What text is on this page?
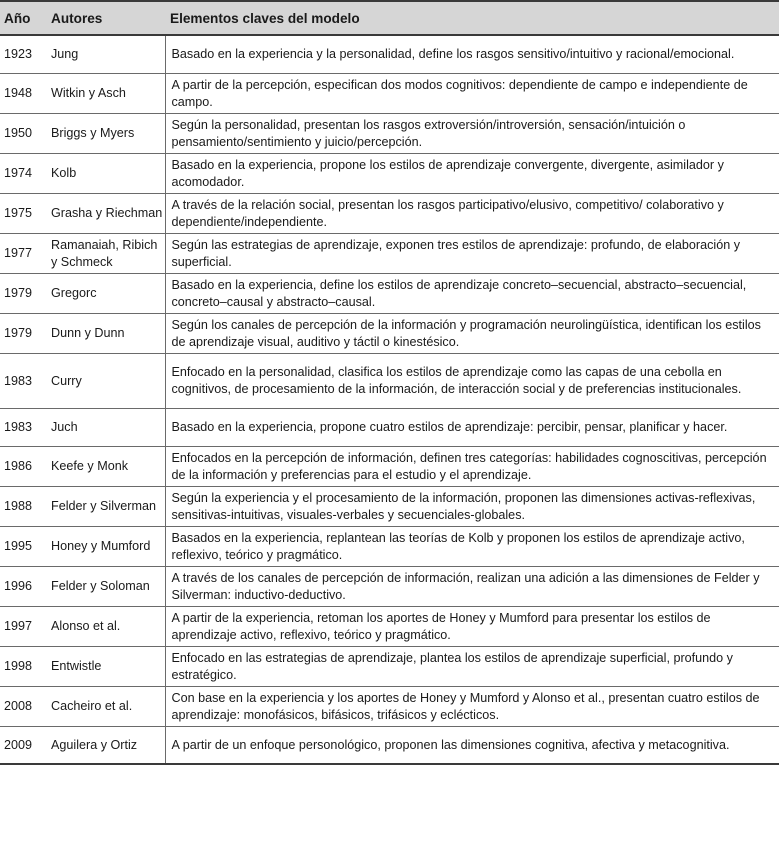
Año	Autores	Elementos claves del modelo
1923	Jung	Basado en la experiencia y la personalidad, define los rasgos sensitivo/intuitivo y racional/emocional.
1948	Witkin y Asch	A partir de la percepción, especifican dos modos cognitivos: dependiente de campo e independiente de campo.
1950	Briggs y Myers	Según la personalidad, presentan los rasgos extroversión/introversión, sensación/intuición o pensamiento/sentimiento y juicio/percepción.
1974	Kolb	Basado en la experiencia, propone los estilos de aprendizaje convergente, divergente, asimilador y acomodador.
1975	Grasha y Riechman	A través de la relación social, presentan los rasgos participativo/elusivo, competitivo/ colaborativo y dependiente/independiente.
1977	Ramanaiah, Ribich y Schmeck	Según las estrategias de aprendizaje, exponen tres estilos de aprendizaje: profundo, de elaboración y superficial.
1979	Gregorc	Basado en la experiencia, define los estilos de aprendizaje concreto–secuencial, abstracto–secuencial, concreto–causal y abstracto–causal.
1979	Dunn y Dunn	Según los canales de percepción de la información y programación neurolingüística, identifican los estilos de aprendizaje visual, auditivo y táctil o kinestésico.
1983	Curry	Enfocado en la personalidad, clasifica los estilos de aprendizaje como las capas de una cebolla en cognitivos, de procesamiento de la información, de interacción social y de preferencias institucionales.
1983	Juch	Basado en la experiencia, propone cuatro estilos de aprendizaje: percibir, pensar, planificar y hacer.
1986	Keefe y Monk	Enfocados en la percepción de información, definen tres categorías: habilidades cognoscitivas, percepción de la información y preferencias para el estudio y el aprendizaje.
1988	Felder y Silverman	Según la experiencia y el procesamiento de la información, proponen las dimensiones activas-reflexivas, sensitivas-intuitivas, visuales-verbales y secuenciales-globales.
1995	Honey y Mumford	Basados en la experiencia, replantean las teorías de Kolb y proponen los estilos de aprendizaje activo, reflexivo, teórico y pragmático.
1996	Felder y Soloman	A través de los canales de percepción de información, realizan una adición a las dimensiones de Felder y Silverman: inductivo-deductivo.
1997	Alonso et al.	A partir de la experiencia, retoman los aportes de Honey y Mumford para presentar los estilos de aprendizaje activo, reflexivo, teórico y pragmático.
1998	Entwistle	Enfocado en las estrategias de aprendizaje, plantea los estilos de aprendizaje superficial, profundo y estratégico.
2008	Cacheiro et al.	Con base en la experiencia y los aportes de Honey y Mumford y Alonso et al., presentan cuatro estilos de aprendizaje: monofásicos, bifásicos, trifásicos y eclécticos.
2009	Aguilera y Ortiz	A partir de un enfoque personológico, proponen las dimensiones cognitiva, afectiva y metacognitiva.
